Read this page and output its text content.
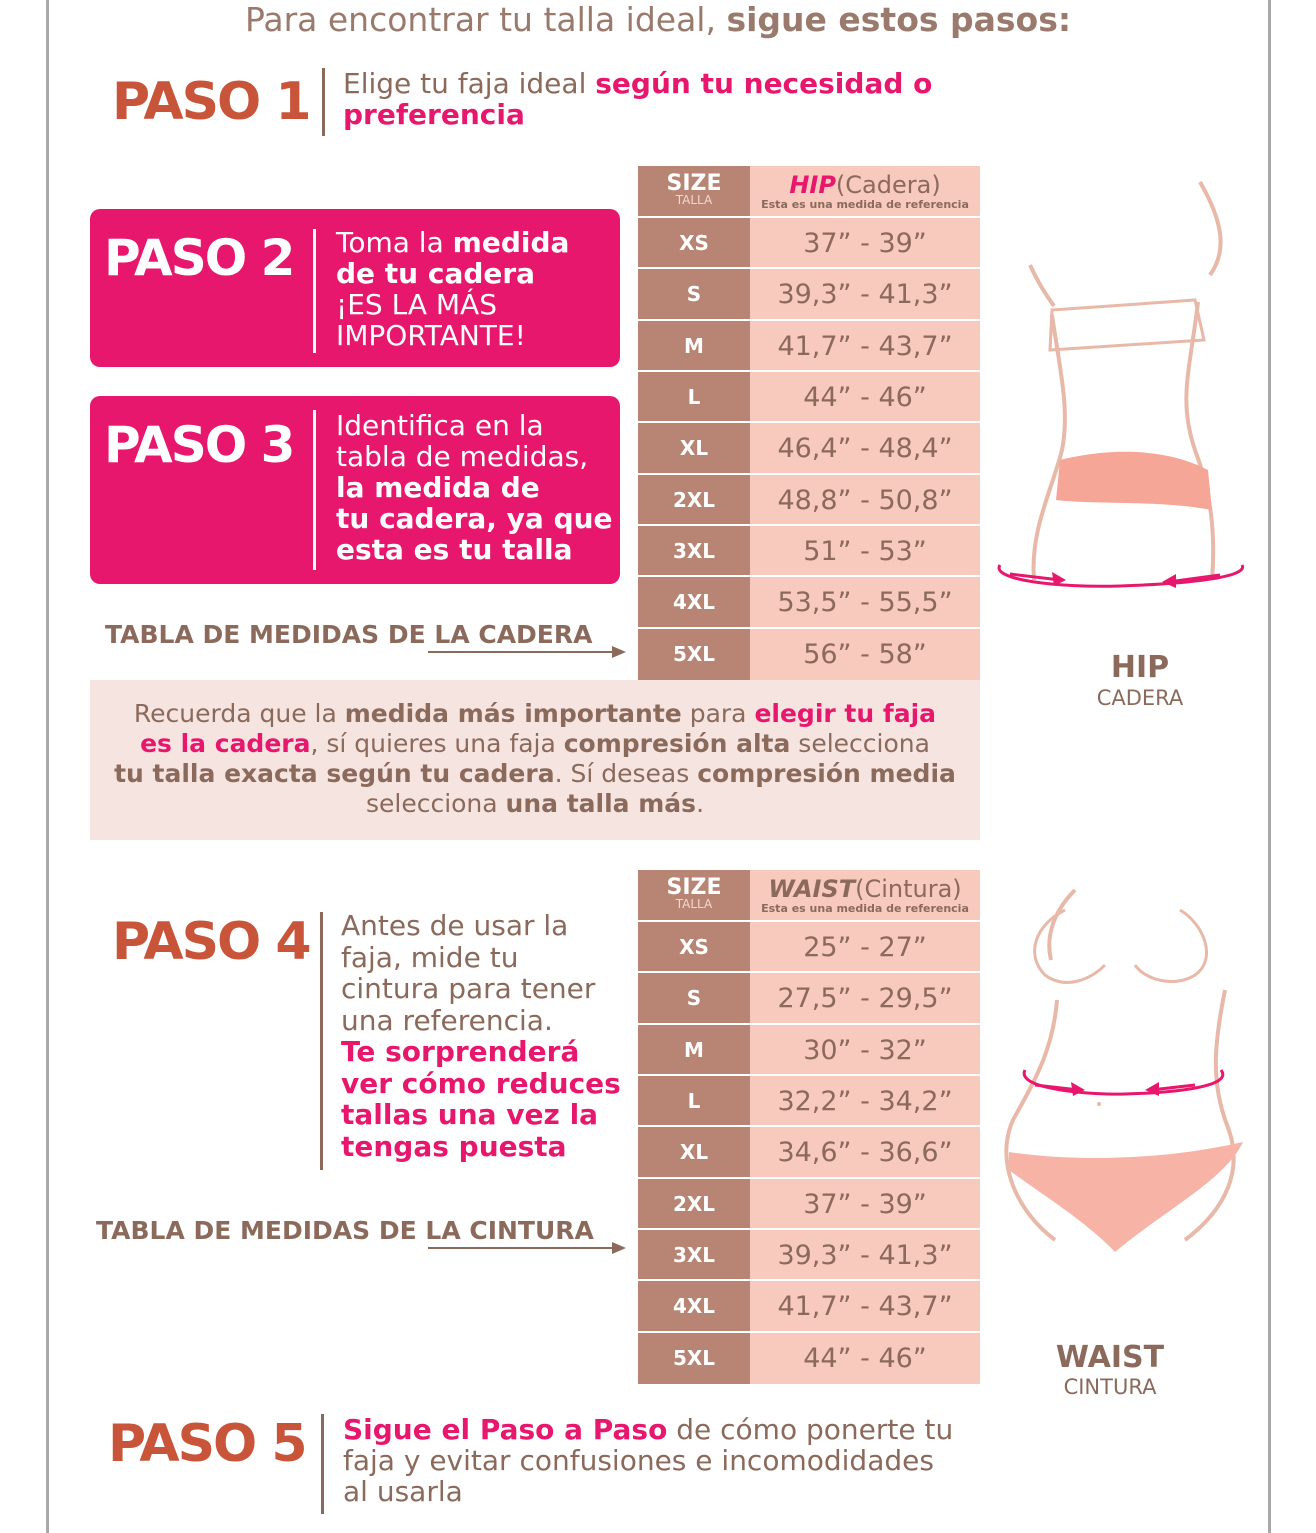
Para encontrar tu talla ideal, sigue estos pasos:
PASO 1 Elige tu faja ideal según tu necesidad o
preferencia
PASO 2 Toma la medida
de tu cadera
¡ES LA MÁS
IMPORTANTE!
PASO 3 Identifica en la
tabla de medidas,
la medida de
tu cadera, ya que
esta es tu talla
SIZE
TALLA
HIP(Cadera)
Esta es una medida de referencia
XS	37” - 39”
S	39,3” - 41,3”
M	41,7” - 43,7”
L	44” - 46”
XL	46,4” - 48,4”
2XL	48,8” - 50,8”
3XL	51” - 53”
4XL	53,5” - 55,5”
5XL	56” - 58”
TABLA DE MEDIDAS DE LA CADERA
HIP
CADERA

Recuerda que la medida más importante para elegir tu faja

es la cadera, sí quieres una faja compresión alta selecciona

tu talla exacta según tu cadera. Sí deseas compresión media

selecciona una talla más.

PASO 4 Antes de usar la
faja, mide tu
cintura para tener
una referencia.
Te sorprenderá
ver cómo reduces
tallas una vez la
tengas puesta
SIZE
TALLA
WAIST(Cintura)
Esta es una medida de referencia
XS	25” - 27”
S	27,5” - 29,5”
M	30” - 32”
L	32,2” - 34,2”
XL	34,6” - 36,6”
2XL	37” - 39”
3XL	39,3” - 41,3”
4XL	41,7” - 43,7”
5XL	44” - 46”
TABLA DE MEDIDAS DE LA CINTURA
WAIST
CINTURA
PASO 5 Sigue el Paso a Paso de cómo ponerte tu
faja y evitar confusiones e incomodidades
al usarla
